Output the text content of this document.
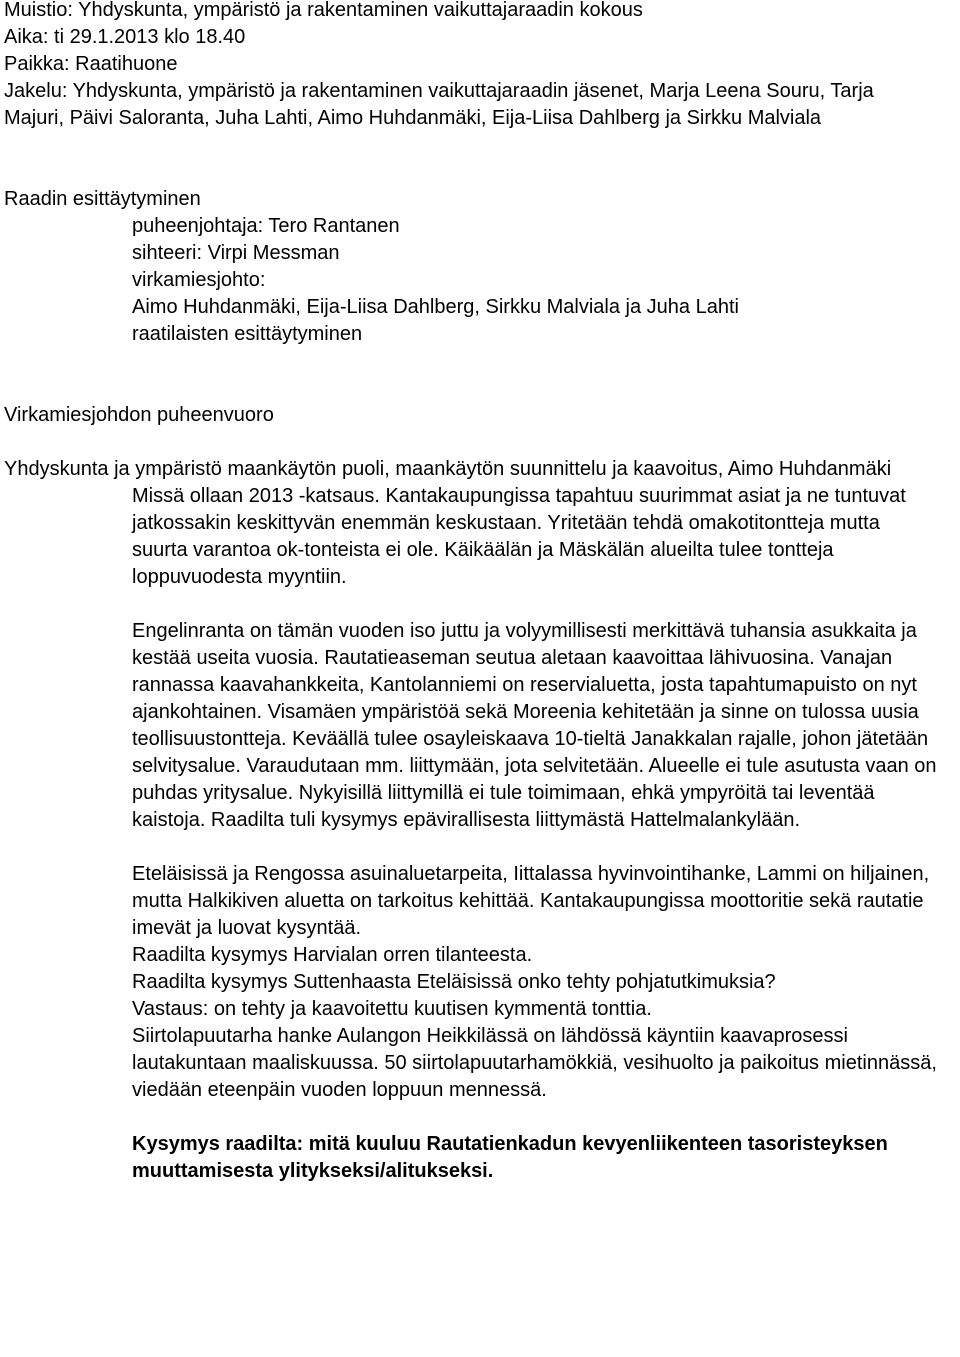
Muistio: Yhdyskunta, ympäristö ja rakentaminen vaikuttajaraadin kokous

Aika: ti 29.1.2013 klo 18.40

Paikka: Raatihuone

Jakelu: Yhdyskunta, ympäristö ja rakentaminen vaikuttajaraadin jäsenet, Marja Leena Souru, Tarja Majuri, Päivi Saloranta, Juha Lahti, Aimo Huhdanmäki, Eija-Liisa Dahlberg ja Sirkku Malviala

Raadin esittäytyminen

puheenjohtaja: Tero Rantanen

sihteeri: Virpi Messman

virkamiesjohto:

Aimo Huhdanmäki, Eija-Liisa Dahlberg, Sirkku Malviala ja Juha Lahti

raatilaisten esittäytyminen

Virkamiesjohdon puheenvuoro

Yhdyskunta ja ympäristö maankäytön puoli, maankäytön suunnittelu ja kaavoitus, Aimo Huhdanmäki

Missä ollaan 2013 -katsaus. Kantakaupungissa tapahtuu suurimmat asiat ja ne tuntuvat jatkossakin keskittyvän enemmän keskustaan. Yritetään tehdä omakotitontteja mutta suurta varantoa ok-tonteista ei ole. Käikäälän ja Mäskälän alueilta tulee tontteja loppuvuodesta myyntiin.

Engelinranta on tämän vuoden iso juttu ja volyymillisesti merkittävä tuhansia asukkaita ja kestää useita vuosia. Rautatieaseman seutua aletaan kaavoittaa lähivuosina. Vanajan rannassa kaavahankkeita, Kantolanniemi on reservialuetta, josta tapahtumapuisto on nyt ajankohtainen. Visamäen ympäristöä sekä Moreenia kehitetään ja sinne on tulossa uusia teollisuustontteja. Keväällä tulee osayleiskaava 10-tieltä Janakkalan rajalle, johon jätetään selvitysalue. Varaudutaan mm. liittymään, jota selvitetään. Alueelle ei tule asutusta vaan on puhdas yritysalue. Nykyisillä liittymillä ei tule toimimaan, ehkä ympyröitä tai leventää kaistoja. Raadilta tuli kysymys epävirallisesta liittymästä Hattelmalankylään.

Eteläisissä ja Rengossa asuinaluetarpeita, Iittalassa hyvinvointihanke, Lammi on hiljainen, mutta Halkikiven aluetta on tarkoitus kehittää. Kantakaupungissa moottoritie sekä rautatie imevät ja luovat kysyntää.

Raadilta kysymys Harvialan orren tilanteesta.

Raadilta kysymys Suttenhaasta Eteläisissä onko tehty pohjatutkimuksia?

Vastaus: on tehty ja kaavoitettu kuutisen kymmentä tonttia.

Siirtolapuutarha hanke Aulangon Heikkilässä on lähdössä käyntiin kaavaprosessi lautakuntaan maaliskuussa. 50 siirtolapuutarhamökkiä, vesihuolto ja paikoitus mietinnässä, viedään eteenpäin vuoden loppuun mennessä.

Kysymys raadilta: mitä kuuluu Rautatienkadun kevyenliikenteen tasoristeyksen muuttamisesta ylitykseksi/alitukseksi.
